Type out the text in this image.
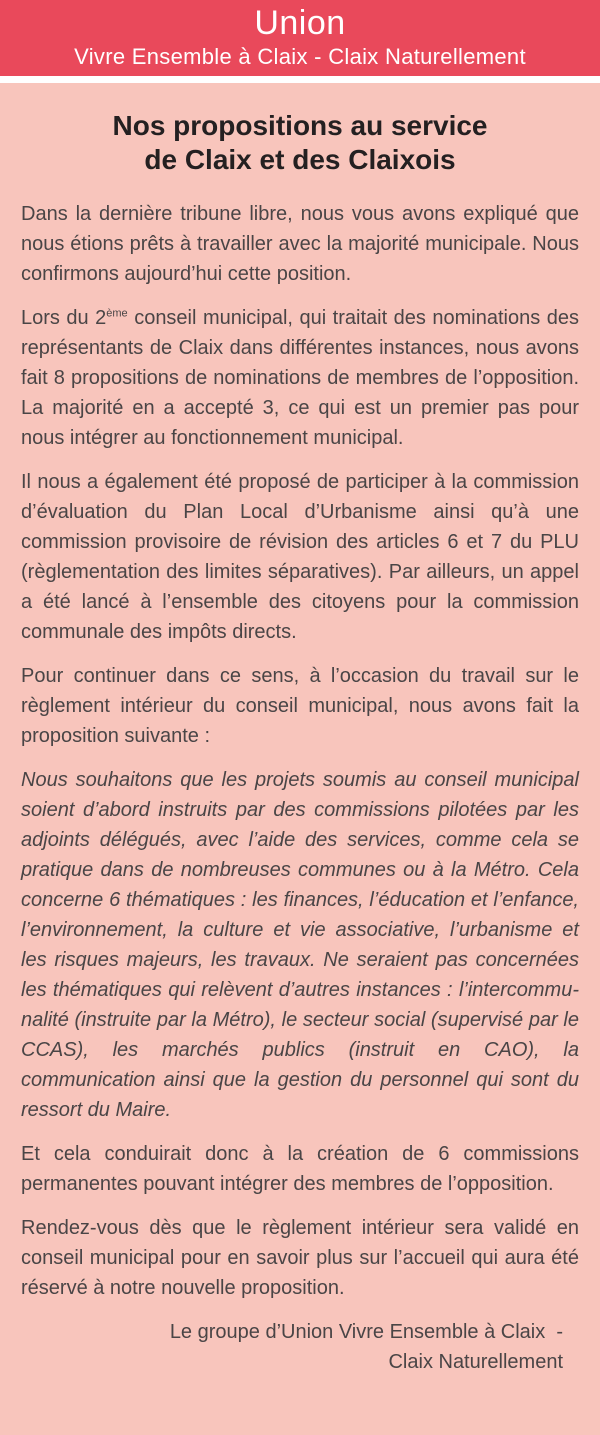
Union
Vivre Ensemble à Claix - Claix Naturellement
Nos propositions au service
de Claix et des Claixois

Dans la dernière tribune libre, nous vous avons expliqué que nous étions prêts à travailler avec la majorité municipale. Nous confirmons aujourd’hui cette position.

Lors du 2ème conseil municipal, qui traitait des nominations des représentants de Claix dans différentes instances, nous avons fait 8 propositions de nominations de membres de l’opposition. La majorité en a accepté 3, ce qui est un premier pas pour nous intégrer au fonctionnement municipal.

Il nous a également été proposé de participer à la commission d’évaluation du Plan Local d’Urbanisme ainsi qu’à une commission provisoire de révision des articles 6 et 7 du PLU (règlementation des limites séparatives). Par ailleurs, un appel a été lancé à l’ensemble des citoyens pour la commission communale des impôts directs.

Pour continuer dans ce sens, à l’occasion du travail sur le règlement intérieur du conseil municipal, nous avons fait la proposition suivante :

Nous souhaitons que les projets soumis au conseil municipal soient d’abord instruits par des commissions pilotées par les adjoints délégués, avec l’aide des services, comme cela se pratique dans de nombreuses communes ou à la Métro. Cela concerne 6 thématiques : les finances, l’éducation et l’enfance, l’environnement, la culture et vie associative, l’urbanisme et les risques majeurs, les travaux. Ne seraient pas concernées les thématiques qui relèvent d’autres instances : l’intercommunalité (instruite par la Métro), le secteur social (supervisé par le CCAS), les marchés publics (instruit en CAO), la communication ainsi que la gestion du personnel qui sont du ressort du Maire.

Et cela conduirait donc à la création de 6 commissions permanentes pouvant intégrer des membres de l’opposition.

Rendez-vous dès que le règlement intérieur sera validé en conseil municipal pour en savoir plus sur l’accueil qui aura été réservé à notre nouvelle proposition.

Le groupe d’Union Vivre Ensemble à Claix  -
Claix Naturellement
